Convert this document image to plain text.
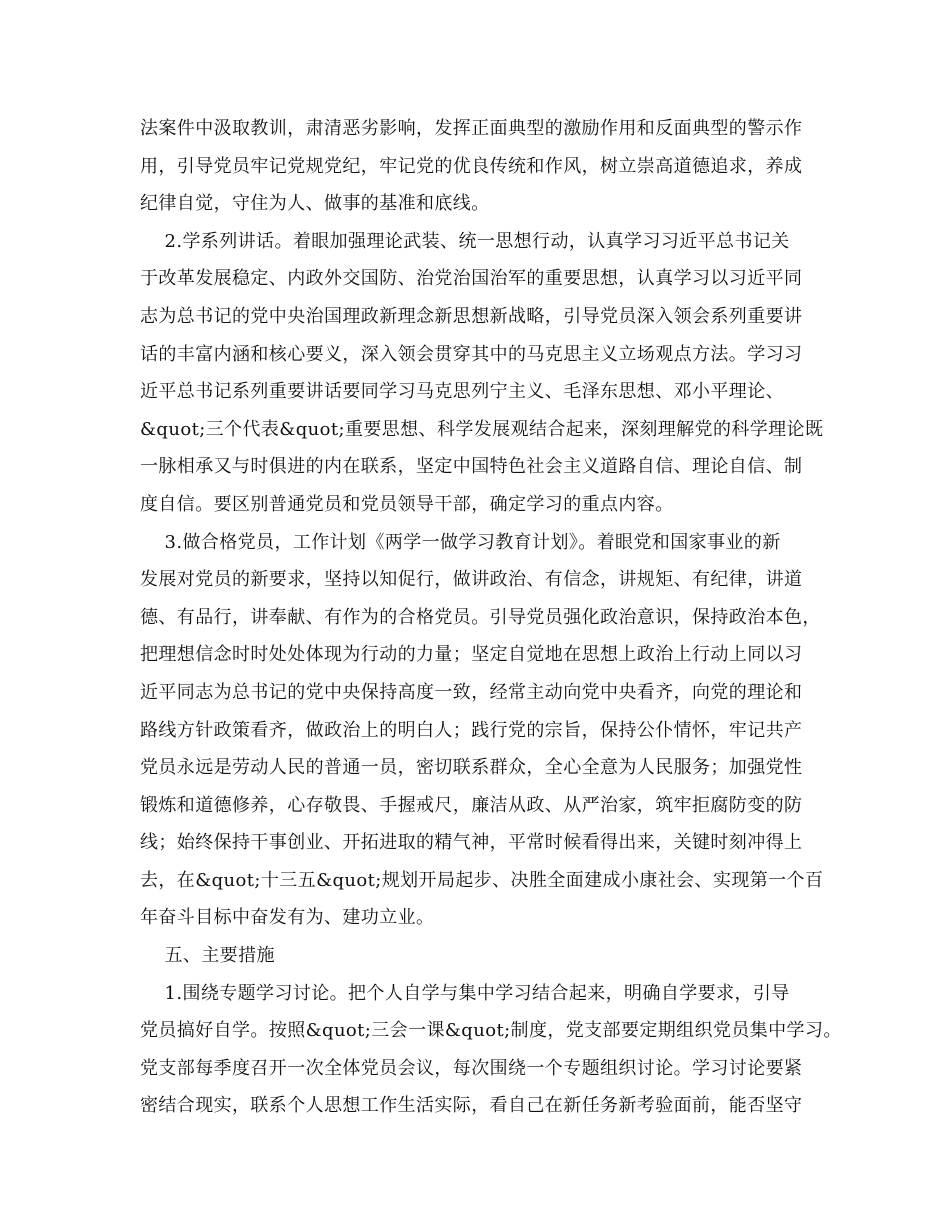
法案件中汲取教训，肃清恶劣影响，发挥正面典型的激励作用和反面典型的警示作
用，引导党员牢记党规党纪，牢记党的优良传统和作风，树立崇高道德追求，养成
纪律自觉，守住为人、做事的基准和底线。
2.学系列讲话。着眼加强理论武装、统一思想行动，认真学习习近平总书记关
于改革发展稳定、内政外交国防、治党治国治军的重要思想，认真学习以习近平同
志为总书记的党中央治国理政新理念新思想新战略，引导党员深入领会系列重要讲
话的丰富内涵和核心要义，深入领会贯穿其中的马克思主义立场观点方法。学习习
近平总书记系列重要讲话要同学习马克思列宁主义、毛泽东思想、邓小平理论、
&quot;三个代表&quot;重要思想、科学发展观结合起来，深刻理解党的科学理论既
一脉相承又与时俱进的内在联系，坚定中国特色社会主义道路自信、理论自信、制
度自信。要区别普通党员和党员领导干部，确定学习的重点内容。
3.做合格党员，工作计划《两学一做学习教育计划》。着眼党和国家事业的新
发展对党员的新要求，坚持以知促行，做讲政治、有信念，讲规矩、有纪律，讲道
德、有品行，讲奉献、有作为的合格党员。引导党员强化政治意识，保持政治本色，
把理想信念时时处处体现为行动的力量；坚定自觉地在思想上政治上行动上同以习
近平同志为总书记的党中央保持高度一致，经常主动向党中央看齐，向党的理论和
路线方针政策看齐，做政治上的明白人；践行党的宗旨，保持公仆情怀，牢记共产
党员永远是劳动人民的普通一员，密切联系群众，全心全意为人民服务；加强党性
锻炼和道德修养，心存敬畏、手握戒尺，廉洁从政、从严治家，筑牢拒腐防变的防
线；始终保持干事创业、开拓进取的精气神，平常时候看得出来，关键时刻冲得上
去，在&quot;十三五&quot;规划开局起步、决胜全面建成小康社会、实现第一个百
年奋斗目标中奋发有为、建功立业。
五、主要措施
1.围绕专题学习讨论。把个人自学与集中学习结合起来，明确自学要求，引导
党员搞好自学。按照&quot;三会一课&quot;制度，党支部要定期组织党员集中学习。
党支部每季度召开一次全体党员会议，每次围绕一个专题组织讨论。学习讨论要紧
密结合现实，联系个人思想工作生活实际，看自己在新任务新考验面前，能否坚守
